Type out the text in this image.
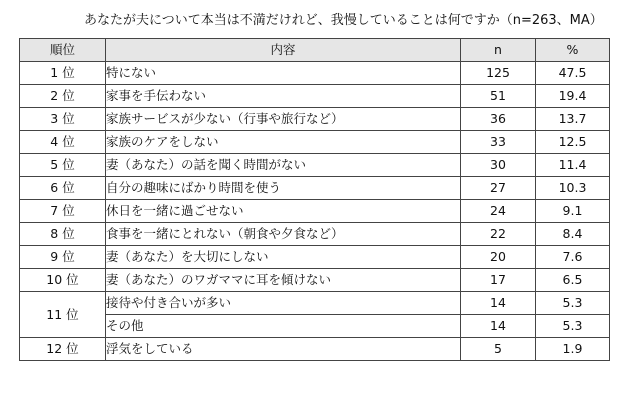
あなたが夫について本当は不満だけれど、我慢していることは何ですか（n=263、MA）
順位	内容	n	%
1 位	特にない	125	47.5
2 位	家事を手伝わない	51	19.4
3 位	家族サービスが少ない（行事や旅行など）	36	13.7
4 位	家族のケアをしない	33	12.5
5 位	妻（あなた）の話を聞く時間がない	30	11.4
6 位	自分の趣味にばかり時間を使う	27	10.3
7 位	休日を一緒に過ごせない	24	9.1
8 位	食事を一緒にとれない（朝食や夕食など）	22	8.4
9 位	妻（あなた）を大切にしない	20	7.6
10 位	妻（あなた）のワガママに耳を傾けない	17	6.5
11 位	接待や付き合いが多い	14	5.3
	その他	14	5.3
12 位	浮気をしている	5	1.9
